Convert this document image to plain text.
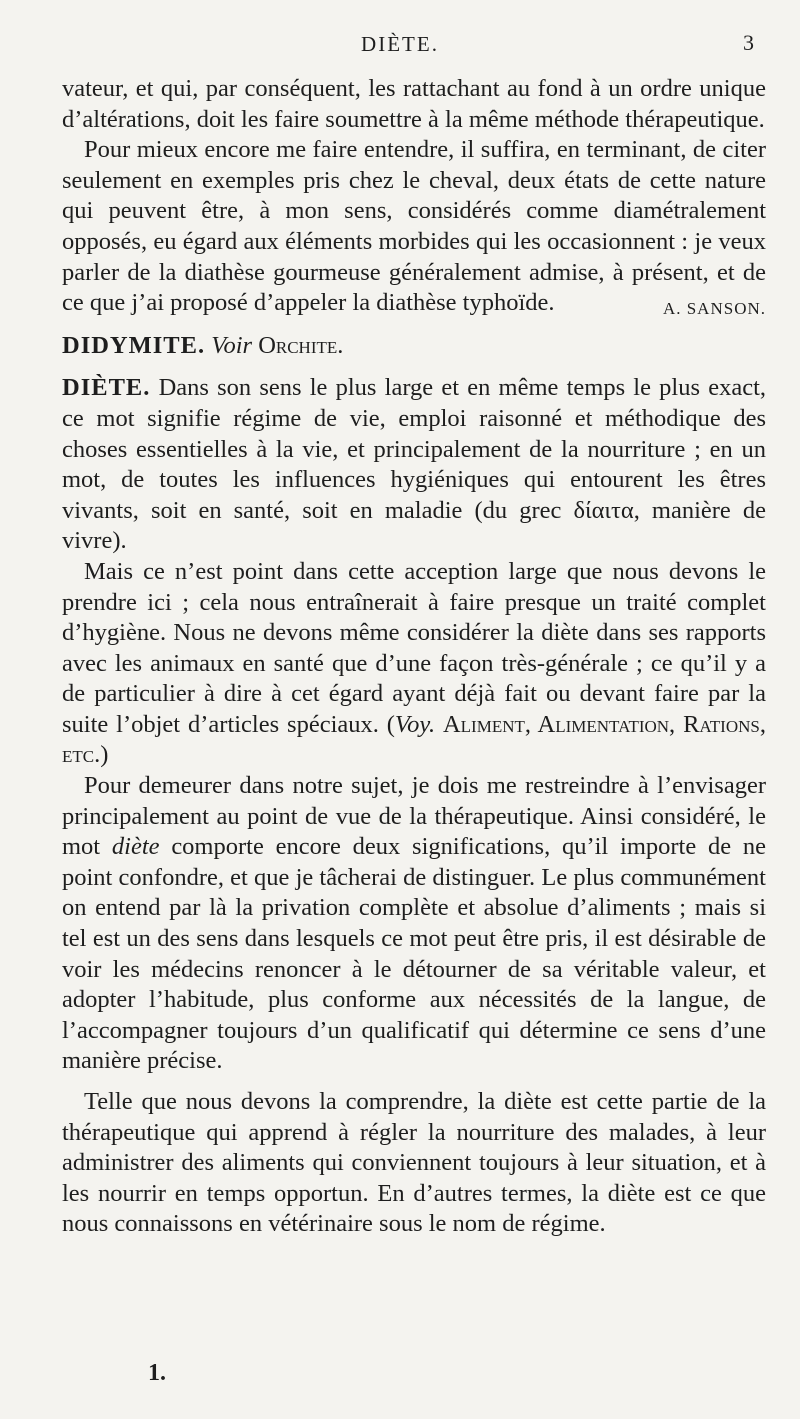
DIÈTE.	3

vateur, et qui, par conséquent, les rattachant au fond à un ordre unique d’altérations, doit les faire soumettre à la même méthode thérapeutique.

Pour mieux encore me faire entendre, il suffira, en terminant, de citer seulement en exemples pris chez le cheval, deux états de cette nature qui peuvent être, à mon sens, considérés comme diamétralement opposés, eu égard aux éléments morbides qui les occasionnent : je veux parler de la diathèse gourmeuse généralement admise, à présent, et de ce que j’ai proposé d’appeler la diathèse typhoïde.	A. SANSON.

DIDYMITE. Voir Orchite.

DIÈTE. Dans son sens le plus large et en même temps le plus exact, ce mot signifie régime de vie, emploi raisonné et méthodique des choses essentielles à la vie, et principalement de la nourriture ; en un mot, de toutes les influences hygiéniques qui entourent les êtres vivants, soit en santé, soit en maladie (du grec δίαιτα, manière de vivre).

Mais ce n’est point dans cette acception large que nous devons le prendre ici ; cela nous entraînerait à faire presque un traité complet d’hygiène. Nous ne devons même considérer la diète dans ses rapports avec les animaux en santé que d’une façon très-générale ; ce qu’il y a de particulier à dire à cet égard ayant déjà fait ou devant faire par la suite l’objet d’articles spéciaux. (Voy. Aliment, Alimentation, Rations, etc.)

Pour demeurer dans notre sujet, je dois me restreindre à l’envisager principalement au point de vue de la thérapeutique. Ainsi considéré, le mot diète comporte encore deux significations, qu’il importe de ne point confondre, et que je tâcherai de distinguer. Le plus communément on entend par là la privation complète et absolue d’aliments ; mais si tel est un des sens dans lesquels ce mot peut être pris, il est désirable de voir les médecins renoncer à le détourner de sa véritable valeur, et adopter l’habitude, plus conforme aux nécessités de la langue, de l’accompagner toujours d’un qualificatif qui détermine ce sens d’une manière précise.

Telle que nous devons la comprendre, la diète est cette partie de la thérapeutique qui apprend à régler la nourriture des malades, à leur administrer des aliments qui conviennent toujours à leur situation, et à les nourrir en temps opportun. En d’autres termes, la diète est ce que nous connaissons en vétérinaire sous le nom de régime.

1.
